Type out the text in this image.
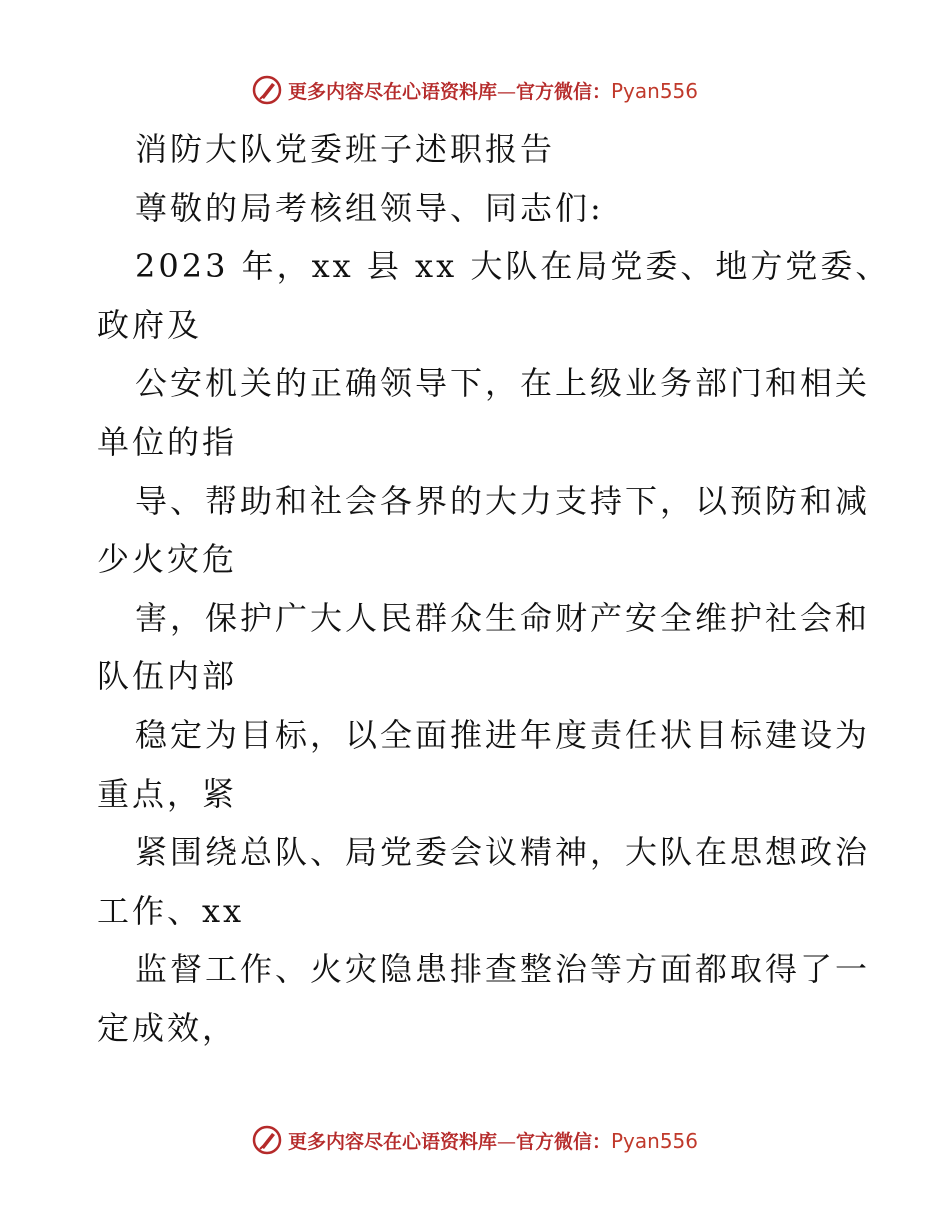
更多内容尽在心语资料库—官方微信：Pyan556
消防大队党委班子述职报告
尊敬的局考核组领导、同志们:
2023 年，xx 县 xx 大队在局党委、地方党委、
政府及
公安机关的正确领导下，在上级业务部门和相关
单位的指
导、帮助和社会各界的大力支持下，以预防和减
少火灾危
害，保护广大人民群众生命财产安全维护社会和
队伍内部
稳定为目标，以全面推进年度责任状目标建设为
重点，紧
紧围绕总队、局党委会议精神，大队在思想政治
工作、xx
监督工作、火灾隐患排查整治等方面都取得了一
定成效，
更多内容尽在心语资料库—官方微信：Pyan556
